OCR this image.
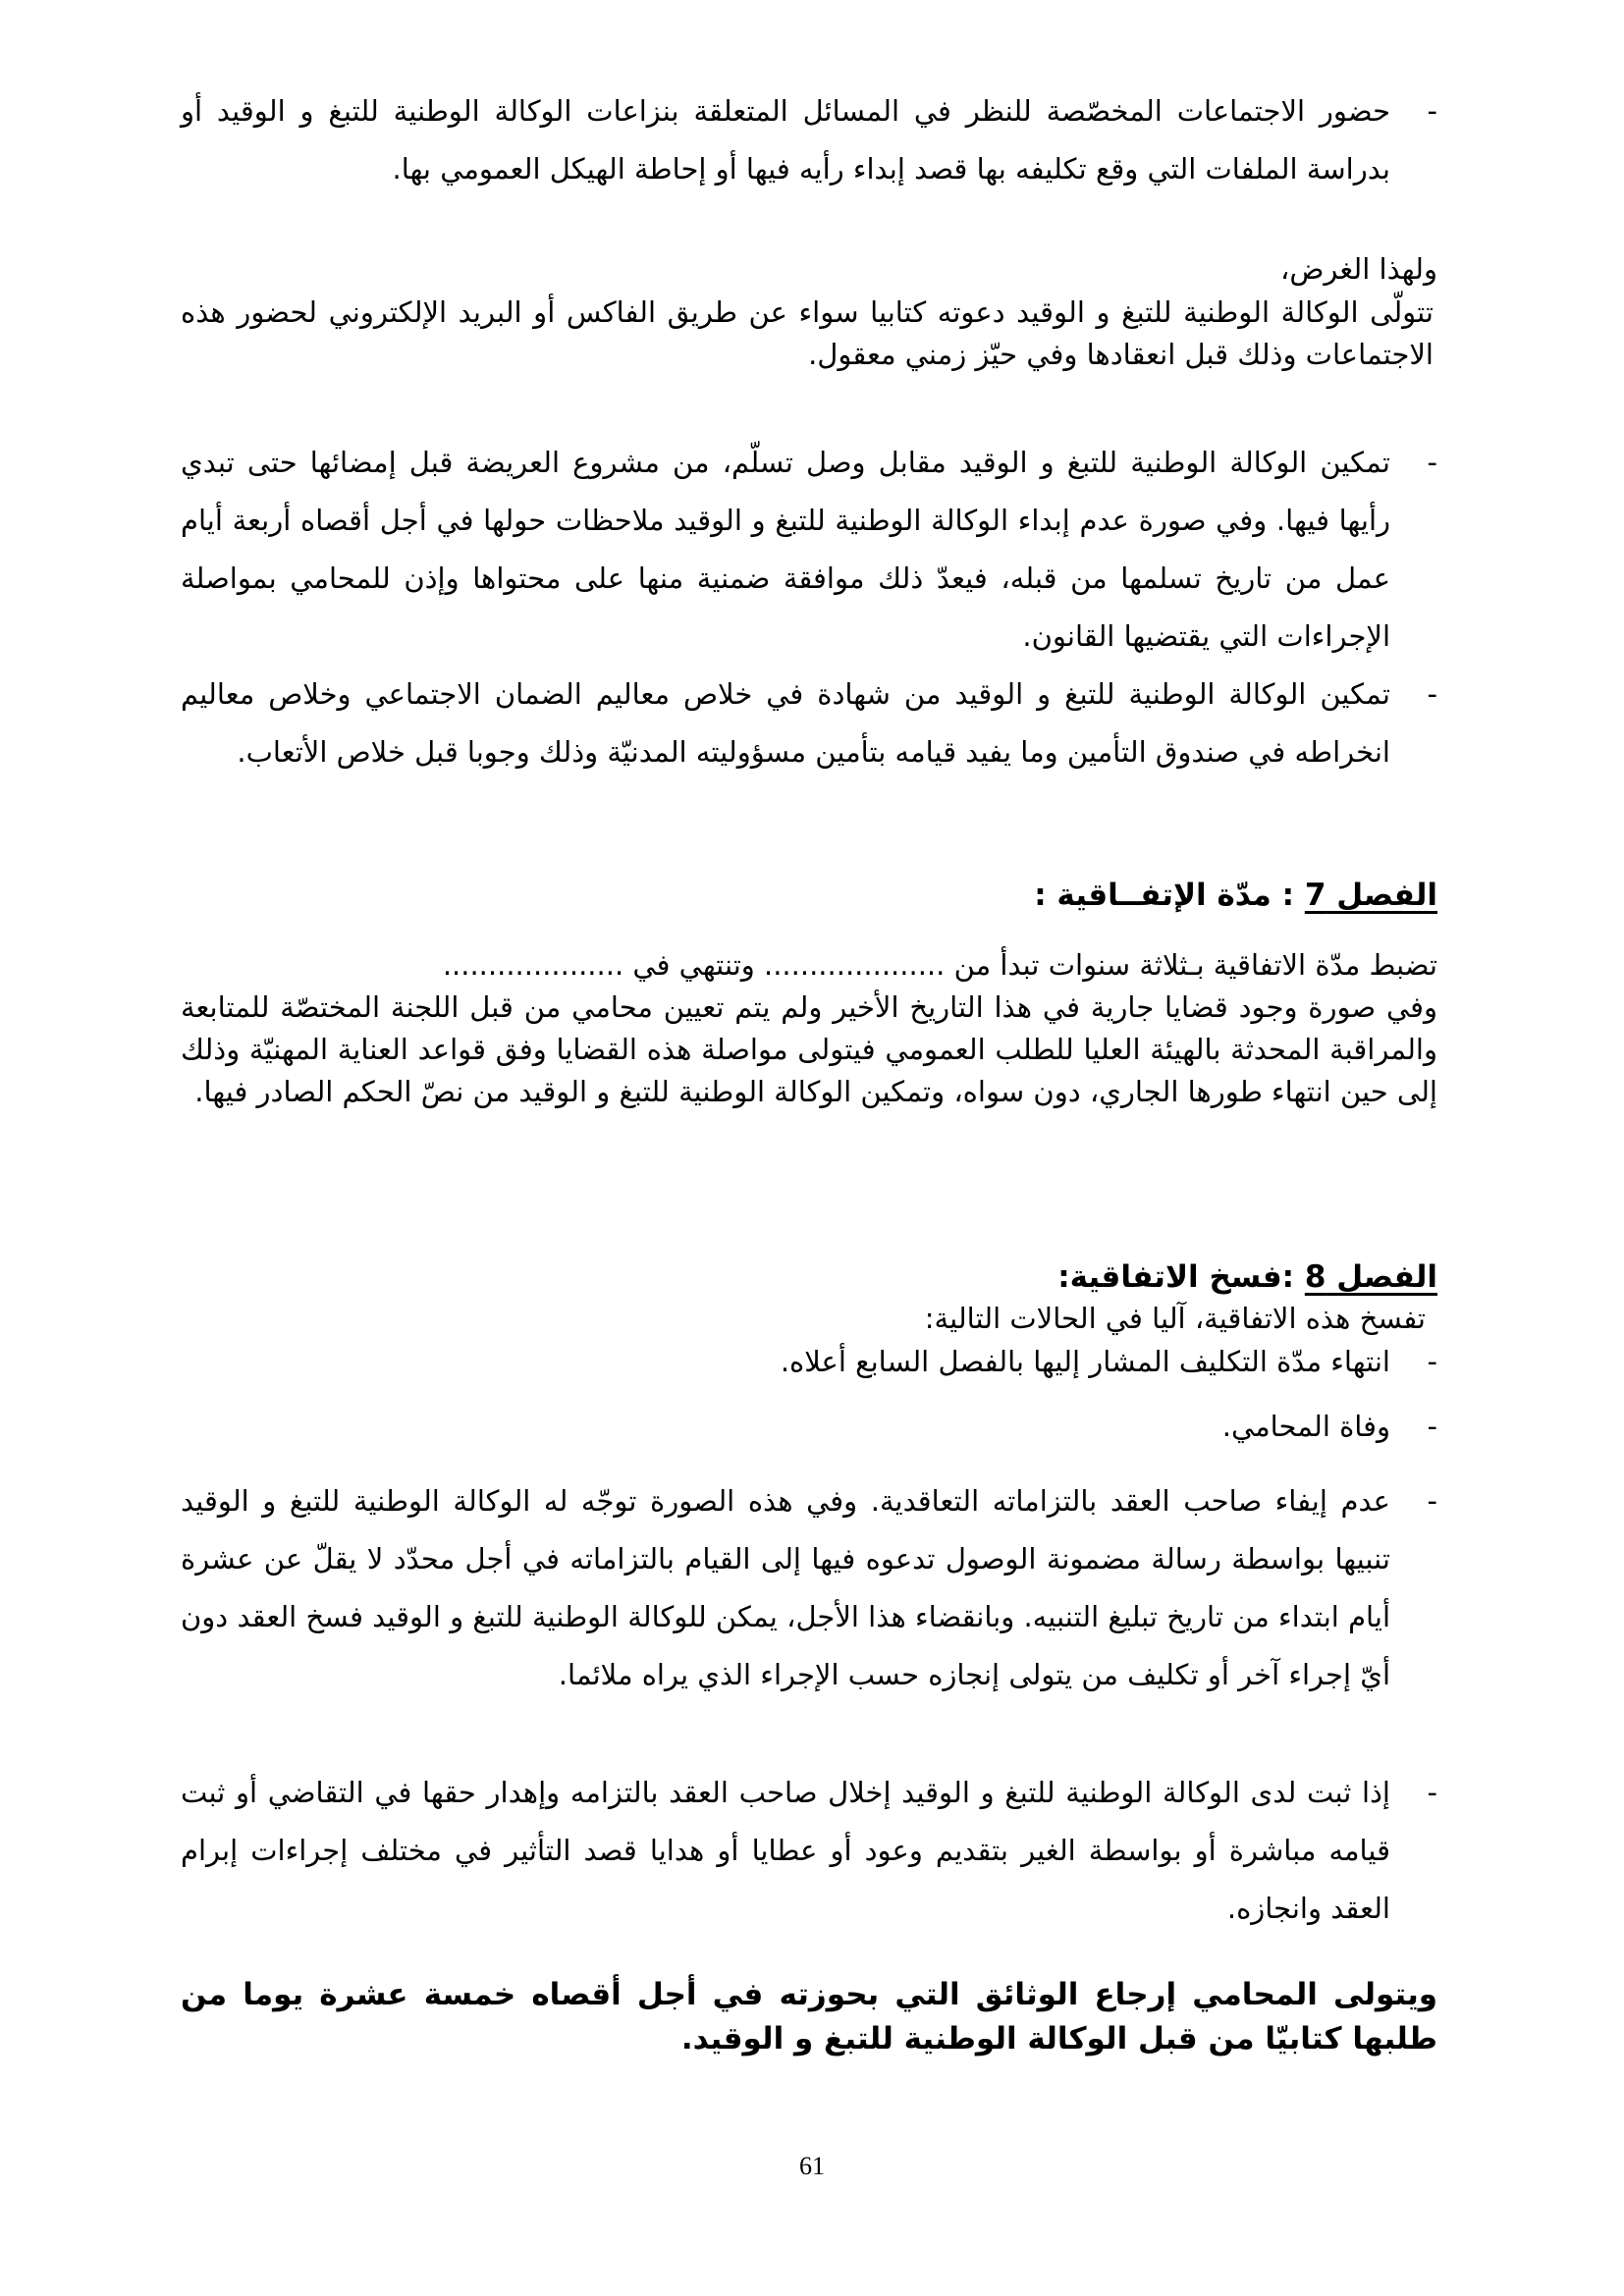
-
حضور الاجتماعات المخصّصة للنظر في المسائل المتعلقة بنزاعات الوكالة الوطنية للتبغ و الوقيد أو بدراسة الملفات التي وقع تكليفه بها قصد إبداء رأيه فيها أو إحاطة الهيكل العمومي بها.

ولهذا الغرض،

تتولّى الوكالة الوطنية للتبغ و الوقيد دعوته كتابيا سواء عن طريق الفاكس أو البريد الإلكتروني لحضور هذه الاجتماعات وذلك قبل انعقادها وفي حيّز زمني معقول.

-
تمكين الوكالة الوطنية للتبغ و الوقيد مقابل وصل تسلّم، من مشروع العريضة قبل إمضائها حتى تبدي رأيها فيها. وفي صورة عدم إبداء الوكالة الوطنية للتبغ و الوقيد ملاحظات حولها في أجل أقصاه أربعة أيام عمل من تاريخ تسلمها من قبله، فيعدّ ذلك موافقة ضمنية منها على محتواها وإذن للمحامي بمواصلة الإجراءات التي يقتضيها القانون.
-
تمكين الوكالة الوطنية للتبغ و الوقيد من شهادة في خلاص معاليم الضمان الاجتماعي وخلاص معاليم انخراطه في صندوق التأمين وما يفيد قيامه بتأمين مسؤوليته المدنيّة وذلك وجوبا قبل خلاص الأتعاب.

الفصل 7 : مدّة الإتفــاقية :

تضبط مدّة الاتفاقية بـثلاثة سنوات تبدأ من .................... وتنتهي في ....................

وفي صورة وجود قضايا جارية في هذا التاريخ الأخير ولم يتم تعيين محامي من قبل اللجنة المختصّة للمتابعة والمراقبة المحدثة بالهيئة العليا للطلب العمومي فيتولى مواصلة هذه القضايا وفق قواعد العناية المهنيّة وذلك إلى حين انتهاء طورها الجاري، دون سواه، وتمكين الوكالة الوطنية للتبغ و الوقيد من نصّ الحكم الصادر فيها.

الفصل 8 :فسخ الاتفاقية:

تفسخ هذه الاتفاقية، آليا في الحالات التالية:

-
انتهاء مدّة التكليف المشار إليها بالفصل السابع أعلاه.
-
وفاة المحامي.
-
عدم إيفاء صاحب العقد بالتزاماته التعاقدية. وفي هذه الصورة توجّه له الوكالة الوطنية للتبغ و الوقيد تنبيها بواسطة رسالة مضمونة الوصول تدعوه فيها إلى القيام بالتزاماته في أجل محدّد لا يقلّ عن عشرة أيام ابتداء من تاريخ تبليغ التنبيه. وبانقضاء هذا الأجل، يمكن للوكالة الوطنية للتبغ و الوقيد فسخ العقد دون أيّ إجراء آخر أو تكليف من يتولى إنجازه حسب الإجراء الذي يراه ملائما.
-
إذا ثبت لدى الوكالة الوطنية للتبغ و الوقيد إخلال صاحب العقد بالتزامه وإهدار حقها في التقاضي أو ثبت قيامه مباشرة أو بواسطة الغير بتقديم وعود أو عطايا أو هدايا قصد التأثير في مختلف إجراءات إبرام العقد وانجازه.

ويتولى المحامي إرجاع الوثائق التي بحوزته في أجل أقصاه خمسة عشرة يوما من طلبها كتابيّا من قبل الوكالة الوطنية للتبغ و الوقيد.

61
